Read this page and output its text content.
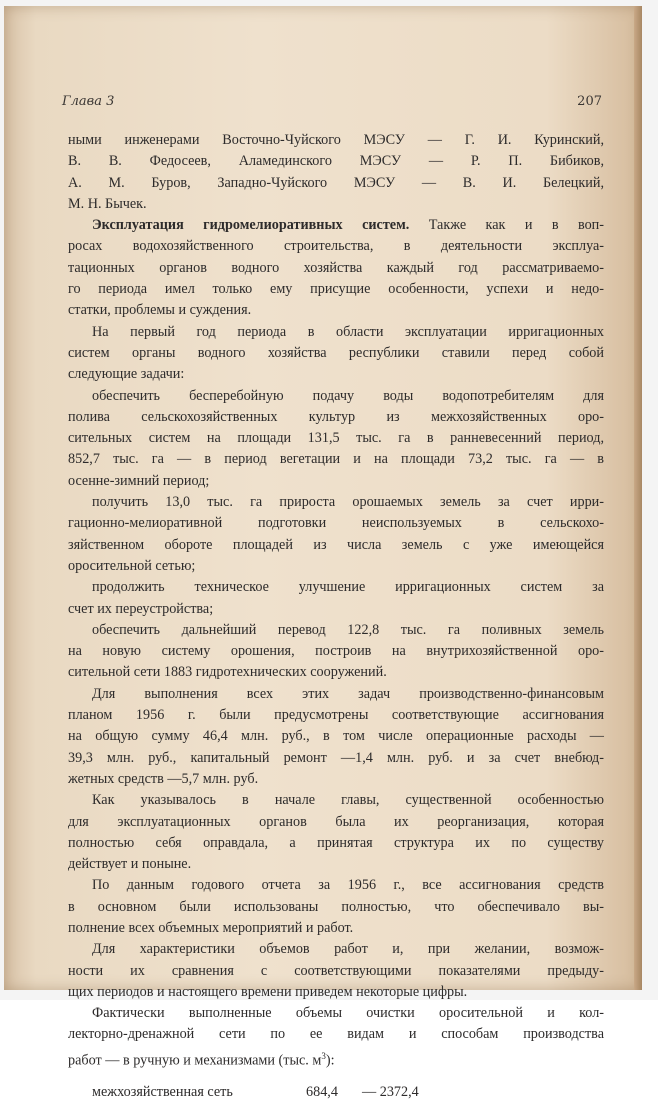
Глава 3	207

ными инженерами Восточно-Чуйского МЭСУ — Г. И. Куринский,

В. В. Федосеев, Аламединского МЭСУ — Р. П. Бибиков,

А. М. Буров, Западно-Чуйского МЭСУ — В. И. Белецкий,

М. Н. Бычек.

Эксплуатация гидромелиоративных систем. Также как и в воп-

росах водохозяйственного строительства, в деятельности эксплуа-

тационных органов водного хозяйства каждый год рассматриваемо-

го периода имел только ему присущие особенности, успехи и недо-

статки, проблемы и суждения.

На первый год периода в области эксплуатации ирригационных

систем органы водного хозяйства республики ставили перед собой

следующие задачи:

обеспечить бесперебойную подачу воды водопотребителям для

полива сельскохозяйственных культур из межхозяйственных оро-

сительных систем на площади 131,5 тыс. га в ранневесенний период,

852,7 тыс. га — в период вегетации и на площади 73,2 тыс. га — в

осенне-зимний период;

получить 13,0 тыс. га прироста орошаемых земель за счет ирри-

гационно-мелиоративной подготовки неиспользуемых в сельскохо-

зяйственном обороте площадей из числа земель с уже имеющейся

оросительной сетью;

продолжить техническое улучшение ирригационных систем за

счет их переустройства;

обеспечить дальнейший перевод 122,8 тыс. га поливных земель

на новую систему орошения, построив на внутрихозяйственной оро-

сительной сети 1883 гидротехнических сооружений.

Для выполнения всех этих задач производственно-финансовым

планом 1956 г. были предусмотрены соответствующие ассигнования

на общую сумму 46,4 млн. руб., в том числе операционные расходы —

39,3 млн. руб., капитальный ремонт —1,4 млн. руб. и за счет внебюд-

жетных средств —5,7 млн. руб.

Как указывалось в начале главы, существенной особенностью

для эксплуатационных органов была их реорганизация, которая

полностью себя оправдала, а принятая структура их по существу

действует и поныне.

По данным годового отчета за 1956 г., все ассигнования средств

в основном были использованы полностью, что обеспечивало вы-

полнение всех объемных мероприятий и работ.

Для характеристики объемов работ и, при желании, возмож-

ности их сравнения с соответствующими показателями предыду-

щих периодов и настоящего времени приведем некоторые цифры.

Фактически выполненные объемы очистки оросительной и кол-

лекторно-дренажной сети по ее видам и способам производства

работ — в ручную и механизмами (тыс. $м^3$):

межхозяйственная сеть	684,4 — 2372,4
